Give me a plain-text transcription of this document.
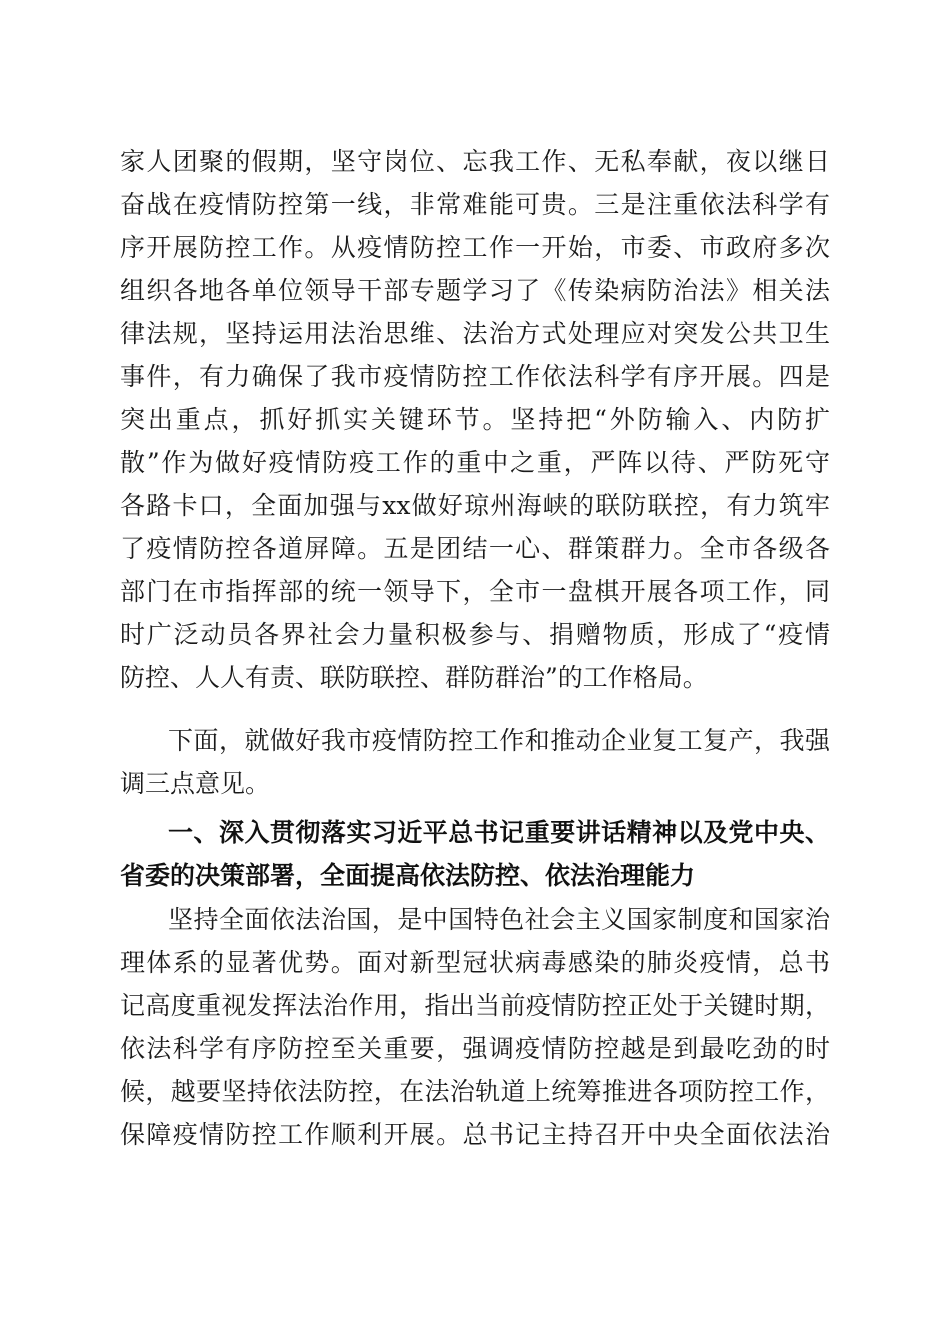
家人团聚的假期，坚守岗位、忘我工作、无私奉献，夜以继日
奋战在疫情防控第一线，非常难能可贵。三是注重依法科学有
序开展防控工作。从疫情防控工作一开始，市委、市政府多次
组织各地各单位领导干部专题学习了《传染病防治法》相关法
律法规，坚持运用法治思维、法治方式处理应对突发公共卫生
事件，有力确保了我市疫情防控工作依法科学有序开展。四是
突出重点，抓好抓实关键环节。坚持把“外防输入、内防扩
散”作为做好疫情防疫工作的重中之重，严阵以待、严防死守
各路卡口，全面加强与xx做好琼州海峡的联防联控，有力筑牢
了疫情防控各道屏障。五是团结一心、群策群力。全市各级各
部门在市指挥部的统一领导下，全市一盘棋开展各项工作，同
时广泛动员各界社会力量积极参与、捐赠物质，形成了“疫情
防控、人人有责、联防联控、群防群治”的工作格局。
下面，就做好我市疫情防控工作和推动企业复工复产，我强
调三点意见。
一、深入贯彻落实习近平总书记重要讲话精神以及党中央、
省委的决策部署，全面提高依法防控、依法治理能力
坚持全面依法治国，是中国特色社会主义国家制度和国家治
理体系的显著优势。面对新型冠状病毒感染的肺炎疫情，总书
记高度重视发挥法治作用，指出当前疫情防控正处于关键时期，
依法科学有序防控至关重要，强调疫情防控越是到最吃劲的时
候，越要坚持依法防控，在法治轨道上统筹推进各项防控工作，
保障疫情防控工作顺利开展。总书记主持召开中央全面依法治
